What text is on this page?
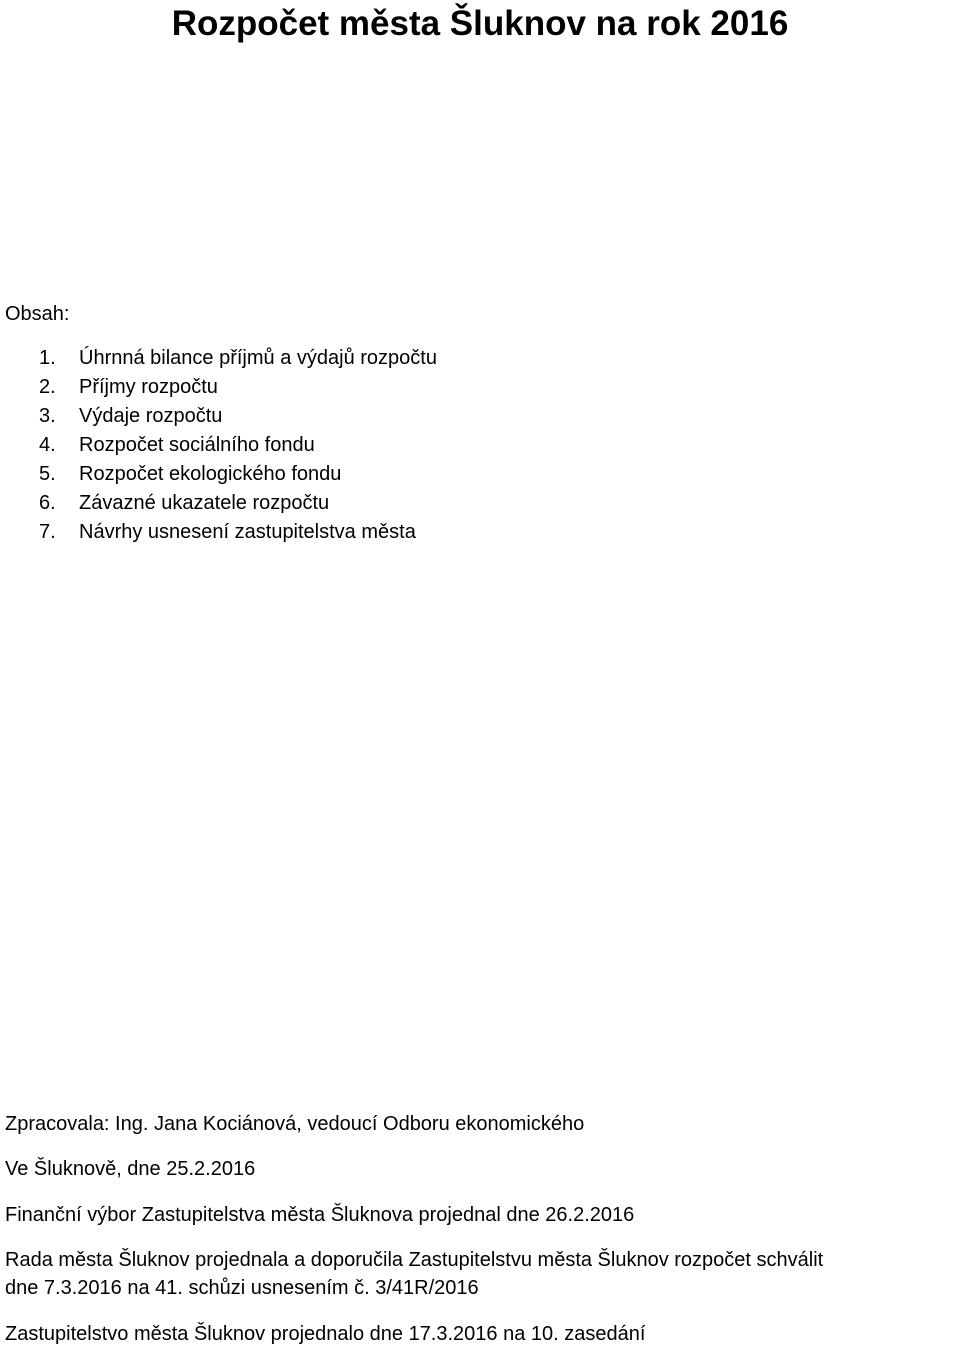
Rozpočet města Šluknov na rok 2016

Obsah:

1. Úhrnná bilance příjmů a výdajů rozpočtu
2. Příjmy rozpočtu
3. Výdaje rozpočtu
4. Rozpočet sociálního fondu
5. Rozpočet ekologického fondu
6. Závazné ukazatele rozpočtu
7. Návrhy usnesení zastupitelstva města

Zpracovala: Ing. Jana Kociánová, vedoucí Odboru ekonomického

Ve Šluknově, dne 25.2.2016

Finanční výbor Zastupitelstva města Šluknova projednal dne 26.2.2016

Rada města Šluknov projednala a doporučila Zastupitelstvu města Šluknov rozpočet schválit

dne 7.3.2016 na 41. schůzi usnesením č. 3/41R/2016

Zastupitelstvo města Šluknov projednalo dne 17.3.2016 na 10. zasedání
